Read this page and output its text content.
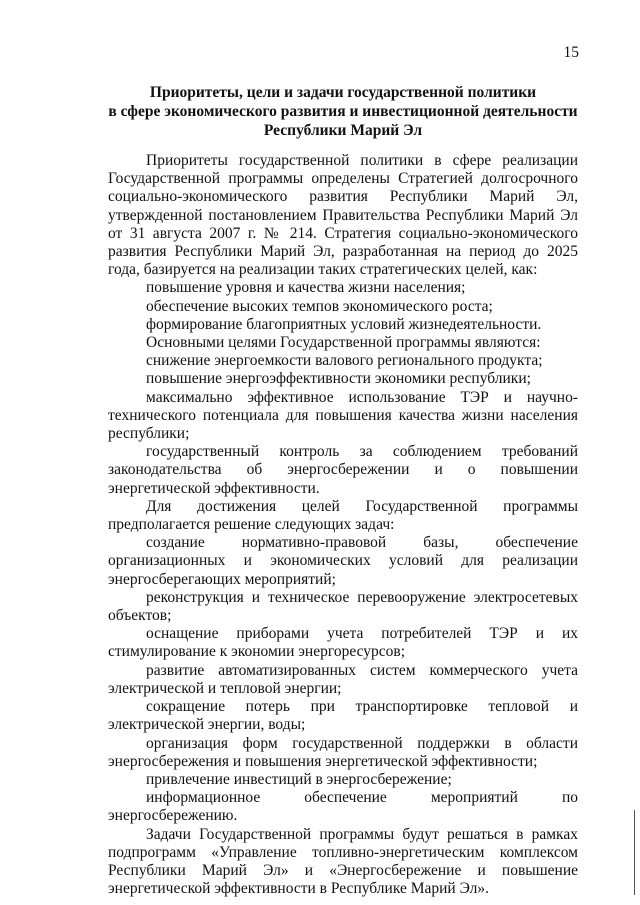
15
Приоритеты, цели и задачи государственной политики
в сфере экономического развития и инвестиционной деятельности
Республики Марий Эл

Приоритеты государственной политики в сфере реализации Государственной программы определены Стратегией долгосрочного социально-экономического развития Республики Марий Эл, утвержденной постановлением Правительства Республики Марий Эл от 31 августа 2007 г. № 214. Стратегия социально-экономического развития Республики Марий Эл, разработанная на период до 2025 года, базируется на реализации таких стратегических целей, как:

повышение уровня и качества жизни населения;

обеспечение высоких темпов экономического роста;

формирование благоприятных условий жизнедеятельности.

Основными целями Государственной программы являются:

снижение энергоемкости валового регионального продукта;

повышение энергоэффективности экономики республики;

максимально эффективное использование ТЭР и научно-технического потенциала для повышения качества жизни населения республики;

государственный контроль за соблюдением требований законодательства об энергосбережении и о повышении энергетической эффективности.

Для достижения целей Государственной программы предполагается решение следующих задач:

создание нормативно-правовой базы, обеспечение организационных и экономических условий для реализации энергосберегающих мероприятий;

реконструкция и техническое перевооружение электросетевых объектов;

оснащение приборами учета потребителей ТЭР и их стимулирование к экономии энергоресурсов;

развитие автоматизированных систем коммерческого учета электрической и тепловой энергии;

сокращение потерь при транспортировке тепловой и электрической энергии, воды;

организация форм государственной поддержки в области энергосбережения и повышения энергетической эффективности;

привлечение инвестиций в энергосбережение;

информационное обеспечение мероприятий по энергосбережению.

Задачи Государственной программы будут решаться в рамках подпрограмм «Управление топливно-энергетическим комплексом Республики Марий Эл» и «Энергосбережение и повышение энергетической эффективности в Республике Марий Эл».
